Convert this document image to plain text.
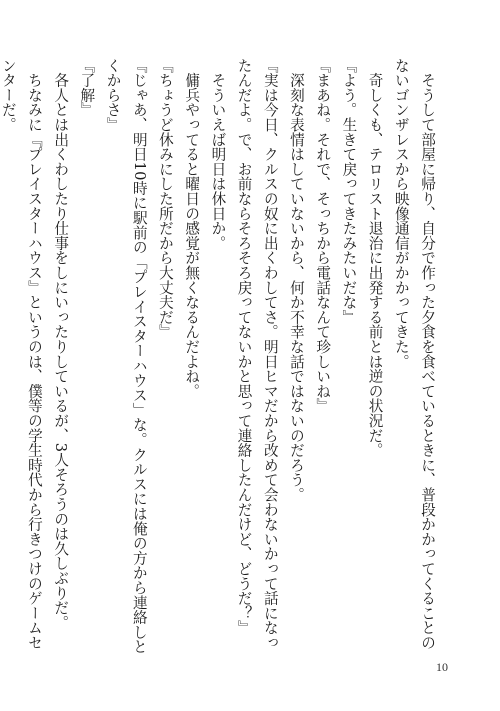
　そうして部屋に帰り、自分で作った夕食を食べているときに、普段かかってくることのないゴンザレスから映像通信がかかってきた。

　奇しくも、テロリスト退治に出発する前とは逆の状況だ。

『よう。生きて戻ってきたみたいだな』

『まあね。それで、そっちから電話なんて珍しいね』

　深刻な表情はしていないから、何か不幸な話ではないのだろう。

『実は今日、クルスの奴に出くわしてさ。明日ヒマだから改めて会わないかって話になったんだよ。で、お前ならそろそろ戻ってないかと思って連絡したんだけど、どうだ？』

　そういえば明日は休日か。

　傭兵やってると曜日の感覚が無くなるんだよね。

『ちょうど休みにした所だから大丈夫だ』

『じゃあ、明日10時に駅前の「プレイスターハウス」な。クルスには俺の方から連絡しとくからさ』

『了解』

　各人とは出くわしたり仕事をしにいったりしているが、3人そろうのは久しぶりだ。

　ちなみに『プレイスターハウス』というのは、僕等の学生時代から行きつけのゲームセンターだ。

10
